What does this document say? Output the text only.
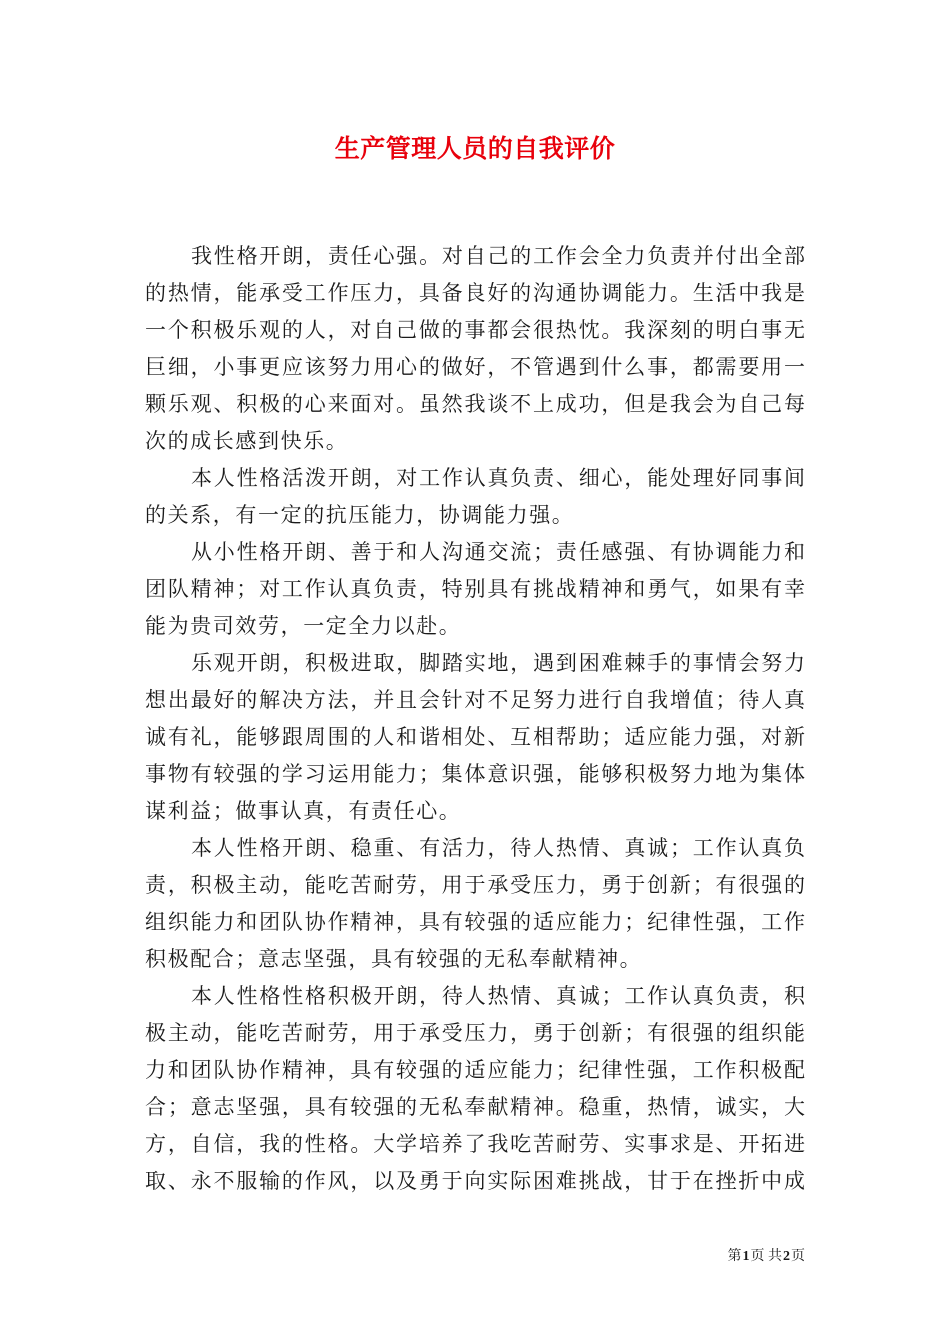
生产管理人员的自我评价
我性格开朗，责任心强。对自己的工作会全力负责并付出全部
的热情，能承受工作压力，具备良好的沟通协调能力。生活中我是
一个积极乐观的人，对自己做的事都会很热忱。我深刻的明白事无
巨细，小事更应该努力用心的做好，不管遇到什么事，都需要用一
颗乐观、积极的心来面对。虽然我谈不上成功，但是我会为自己每
次的成长感到快乐。
本人性格活泼开朗，对工作认真负责、细心，能处理好同事间
的关系，有一定的抗压能力，协调能力强。
从小性格开朗、善于和人沟通交流；责任感强、有协调能力和
团队精神；对工作认真负责，特别具有挑战精神和勇气，如果有幸
能为贵司效劳，一定全力以赴。
乐观开朗，积极进取，脚踏实地，遇到困难棘手的事情会努力
想出最好的解决方法，并且会针对不足努力进行自我增值；待人真
诚有礼，能够跟周围的人和谐相处、互相帮助；适应能力强，对新
事物有较强的学习运用能力；集体意识强，能够积极努力地为集体
谋利益；做事认真，有责任心。
本人性格开朗、稳重、有活力，待人热情、真诚；工作认真负
责，积极主动，能吃苦耐劳，用于承受压力，勇于创新；有很强的
组织能力和团队协作精神，具有较强的适应能力；纪律性强，工作
积极配合；意志坚强，具有较强的无私奉献精神。
本人性格性格积极开朗，待人热情、真诚；工作认真负责，积
极主动，能吃苦耐劳，用于承受压力，勇于创新；有很强的组织能
力和团队协作精神，具有较强的适应能力；纪律性强，工作积极配
合；意志坚强，具有较强的无私奉献精神。稳重，热情，诚实，大
方，自信，我的性格。大学培养了我吃苦耐劳、实事求是、开拓进
取、永不服输的作风，以及勇于向实际困难挑战，甘于在挫折中成
第1页 共2页
